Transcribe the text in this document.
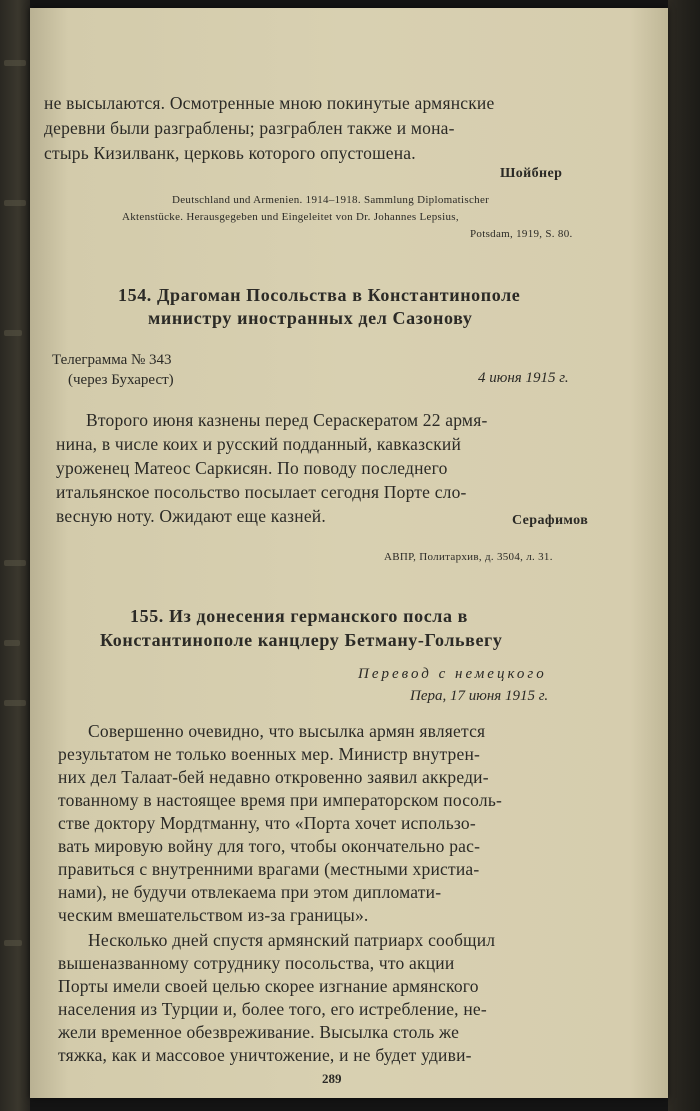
не высылаются. Осмотренные мною покинутые армянские
деревни были разграблены; разграблен также и мона-
стырь Кизилванк, церковь которого опустошена.
Шойбнер
Deutschland und Armenien. 1914–1918. Sammlung Diplomatischer
Aktenstücke. Herausgegeben und Eingeleitet von Dr. Johannes Lepsius,
Potsdam, 1919, S. 80.
154. Драгоман Посольства в Константинополе
министру иностранных дел Сазонову
Телеграмма № 343
(через Бухарест)	4 июня 1915 г.
Второго июня казнены перед Сераскератом 22 армя-
нина, в числе коих и русский подданный, кавказский
уроженец Матеос Саркисян. По поводу последнего
итальянское посольство посылает сегодня Порте сло-
весную ноту. Ожидают еще казней.	Серафимов
АВПР, Политархив, д. 3504, л. 31.
155. Из донесения германского посла в
Константинополе канцлеру Бетману-Гольвегу
Перевод с немецкого
Пера, 17 июня 1915 г.
Совершенно очевидно, что высылка армян является
результатом не только военных мер. Министр внутрен-
них дел Талаат-бей недавно откровенно заявил аккреди-
тованному в настоящее время при императорском посоль-
стве доктору Мордтманну, что «Порта хочет использо-
вать мировую войну для того, чтобы окончательно рас-
правиться с внутренними врагами (местными христиа-
нами), не будучи отвлекаема при этом дипломати-
ческим вмешательством из-за границы».
Несколько дней спустя армянский патриарх сообщил
вышеназванному сотруднику посольства, что акции
Порты имели своей целью скорее изгнание армянского
населения из Турции и, более того, его истребление, не-
жели временное обезвреживание. Высылка столь же
тяжка, как и массовое уничтожение, и не будет удиви-
289
